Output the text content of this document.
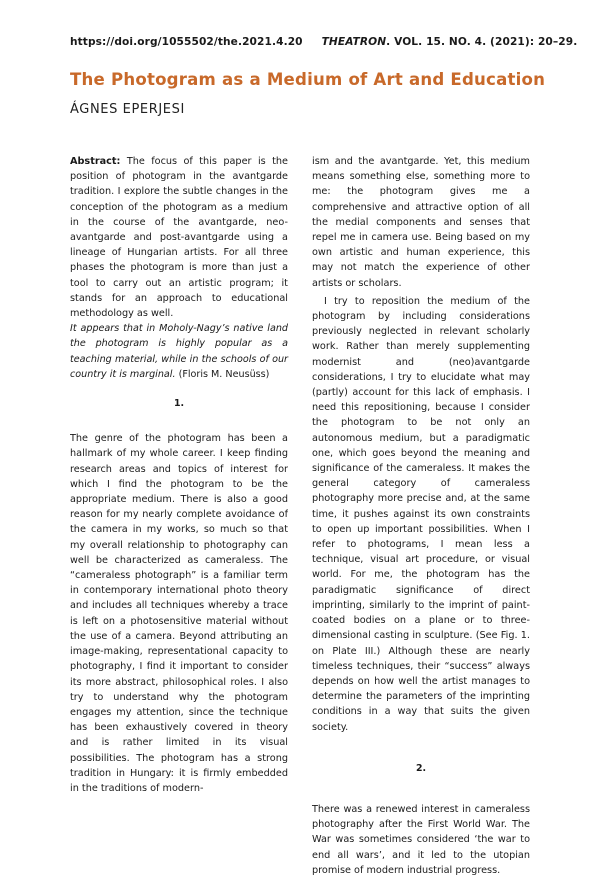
https://doi.org/1055502/the.2021.4.20 THEATRON. VOL. 15. NO. 4. (2021): 20–29.
The Photogram as a Medium of Art and Education
ÁGNES EPERJESI

Abstract: The focus of this paper is the position of photogram in the avantgarde tradition. I explore the subtle changes in the conception of the photogram as a medium in the course of the avantgarde, neo-avantgarde and post-avantgarde using a lineage of Hungarian artists. For all three phases the photogram is more than just a tool to carry out an artistic program; it stands for an approach to educational methodology as well.

It appears that in Moholy-Nagy’s native land the photogram is highly popular as a teaching material, while in the schools of our country it is marginal. (Floris M. Neusüss)

1.

The genre of the photogram has been a hallmark of my whole career. I keep finding research areas and topics of interest for which I find the photogram to be the appropriate medium. There is also a good reason for my nearly complete avoidance of the camera in my works, so much so that my overall relationship to photography can well be characterized as cameraless. The “cameraless photograph” is a familiar term in contemporary international photo theory and includes all techniques whereby a trace is left on a photosensitive material without the use of a camera. Beyond attributing an image-making, representational capacity to photography, I find it important to consider its more abstract, philosophical roles. I also try to understand why the photogram engages my attention, since the technique has been exhaustively covered in theory and is rather limited in its visual possibilities. The photogram has a strong tradition in Hungary: it is firmly embedded in the traditions of modern-

ism and the avantgarde. Yet, this medium means something else, something more to me: the photogram gives me a comprehensive and attractive option of all the medial components and senses that repel me in camera use. Being based on my own artistic and human experience, this may not match the experience of other artists or scholars.

I try to reposition the medium of the photogram by including considerations previously neglected in relevant scholarly work. Rather than merely supplementing modernist and (neo)avantgarde considerations, I try to elucidate what may (partly) account for this lack of emphasis. I need this repositioning, because I consider the photogram to be not only an autonomous medium, but a paradigmatic one, which goes beyond the meaning and significance of the cameraless. It makes the general category of cameraless photography more precise and, at the same time, it pushes against its own constraints to open up important possibilities. When I refer to photograms, I mean less a technique, visual art procedure, or visual world. For me, the photogram has the paradigmatic significance of direct imprinting, similarly to the imprint of paint-coated bodies on a plane or to three-dimensional casting in sculpture. (See Fig. 1. on Plate III.) Although these are nearly timeless techniques, their “success” always depends on how well the artist manages to determine the parameters of the imprinting conditions in a way that suits the given society.

2.

There was a renewed interest in cameraless photography after the First World War. The War was sometimes considered ‘the war to end all wars’, and it led to the utopian promise of modern industrial progress.
